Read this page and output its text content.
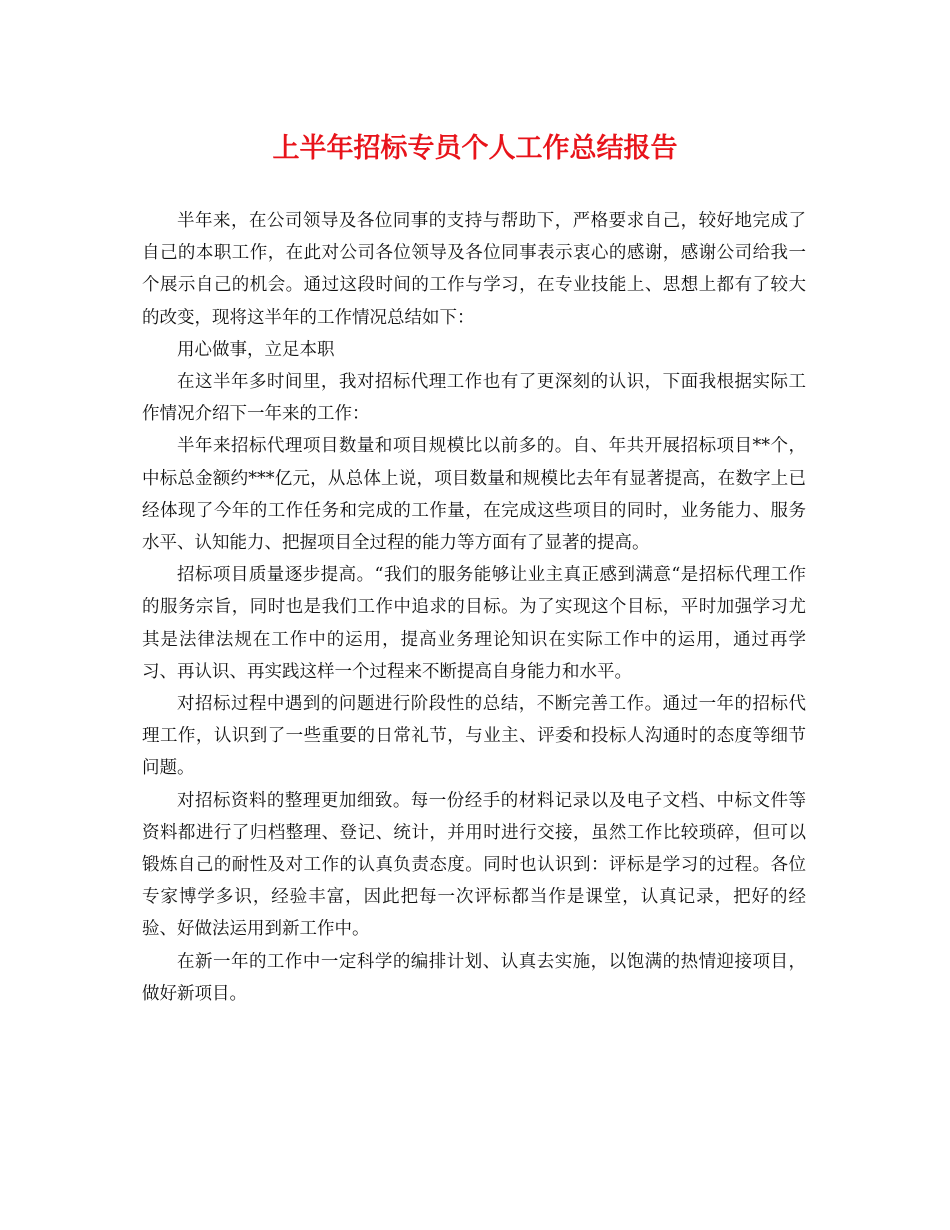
上半年招标专员个人工作总结报告

半年来，在公司领导及各位同事的支持与帮助下，严格要求自己，较好地完成了自己的本职工作，在此对公司各位领导及各位同事表示衷心的感谢，感谢公司给我一个展示自己的机会。通过这段时间的工作与学习，在专业技能上、思想上都有了较大的改变，现将这半年的工作情况总结如下：

用心做事，立足本职

在这半年多时间里，我对招标代理工作也有了更深刻的认识，下面我根据实际工作情况介绍下一年来的工作：

半年来招标代理项目数量和项目规模比以前多的。自、年共开展招标项目**个，中标总金额约***亿元，从总体上说，项目数量和规模比去年有显著提高，在数字上已经体现了今年的工作任务和完成的工作量，在完成这些项目的同时，业务能力、服务水平、认知能力、把握项目全过程的能力等方面有了显著的提高。

招标项目质量逐步提高。“我们的服务能够让业主真正感到满意“是招标代理工作的服务宗旨，同时也是我们工作中追求的目标。为了实现这个目标，平时加强学习尤其是法律法规在工作中的运用，提高业务理论知识在实际工作中的运用，通过再学习、再认识、再实践这样一个过程来不断提高自身能力和水平。

对招标过程中遇到的问题进行阶段性的总结，不断完善工作。通过一年的招标代理工作，认识到了一些重要的日常礼节，与业主、评委和投标人沟通时的态度等细节问题。

对招标资料的整理更加细致。每一份经手的材料记录以及电子文档、中标文件等资料都进行了归档整理、登记、统计，并用时进行交接，虽然工作比较琐碎，但可以锻炼自己的耐性及对工作的认真负责态度。同时也认识到：评标是学习的过程。各位专家博学多识，经验丰富，因此把每一次评标都当作是课堂，认真记录，把好的经验、好做法运用到新工作中。

在新一年的工作中一定科学的编排计划、认真去实施，以饱满的热情迎接项目，做好新项目。
